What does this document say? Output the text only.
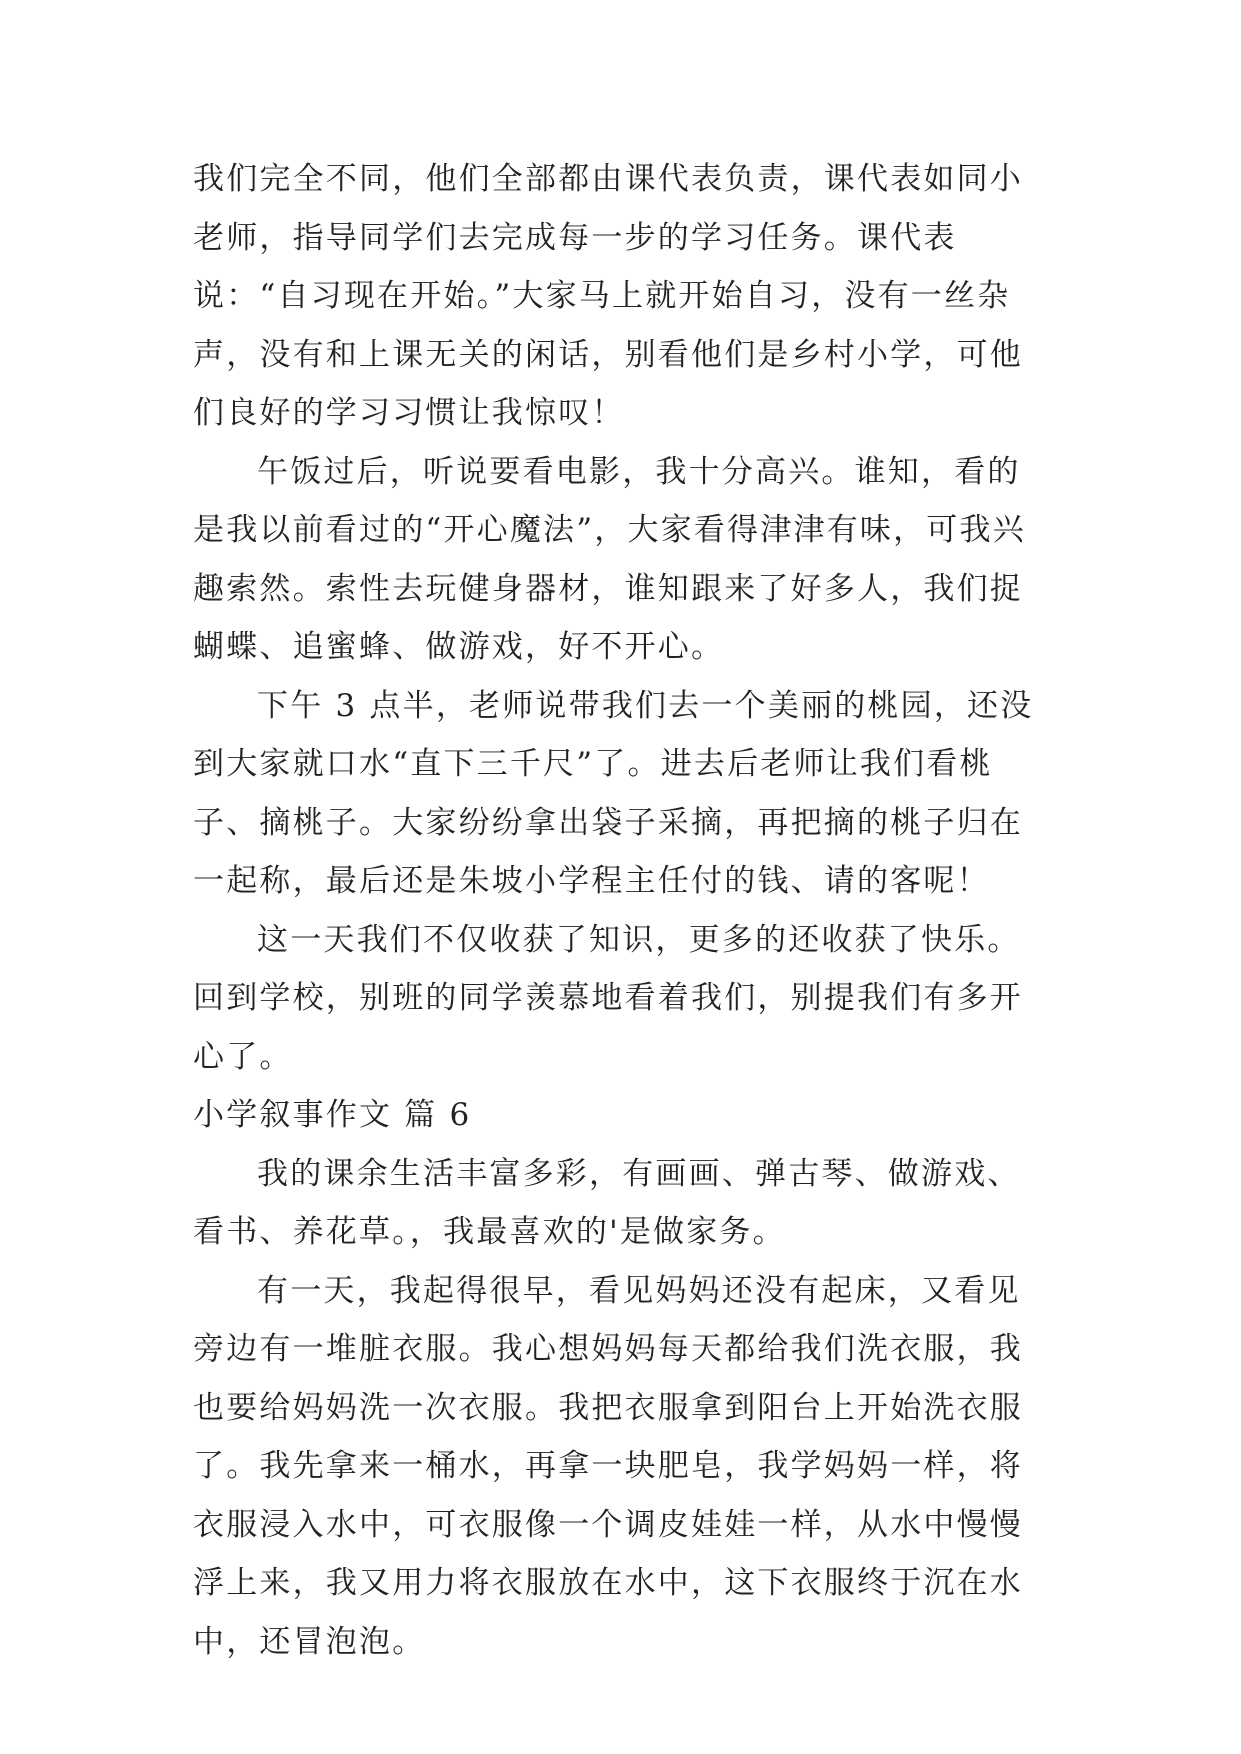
我们完全不同，他们全部都由课代表负责，课代表如同小老师，指导同学们去完成每一步的学习任务。课代表说：“自习现在开始。”大家马上就开始自习，没有一丝杂声，没有和上课无关的闲话，别看他们是乡村小学，可他们良好的学习习惯让我惊叹！

午饭过后，听说要看电影，我十分高兴。谁知，看的是我以前看过的“开心魔法”，大家看得津津有味，可我兴趣索然。索性去玩健身器材，谁知跟来了好多人，我们捉蝴蝶、追蜜蜂、做游戏，好不开心。

下午 3 点半，老师说带我们去一个美丽的桃园，还没到大家就口水“直下三千尺”了。进去后老师让我们看桃子、摘桃子。大家纷纷拿出袋子采摘，再把摘的桃子归在一起称，最后还是朱坡小学程主任付的钱、请的客呢！

这一天我们不仅收获了知识，更多的还收获了快乐。回到学校，别班的同学羡慕地看着我们，别提我们有多开心了。

小学叙事作文 篇 6

我的课余生活丰富多彩，有画画、弹古琴、做游戏、看书、养花草。，我最喜欢的'是做家务。

有一天，我起得很早，看见妈妈还没有起床，又看见旁边有一堆脏衣服。我心想妈妈每天都给我们洗衣服，我也要给妈妈洗一次衣服。我把衣服拿到阳台上开始洗衣服了。我先拿来一桶水，再拿一块肥皂，我学妈妈一样，将衣服浸入水中，可衣服像一个调皮娃娃一样，从水中慢慢浮上来，我又用力将衣服放在水中，这下衣服终于沉在水中，还冒泡泡。
